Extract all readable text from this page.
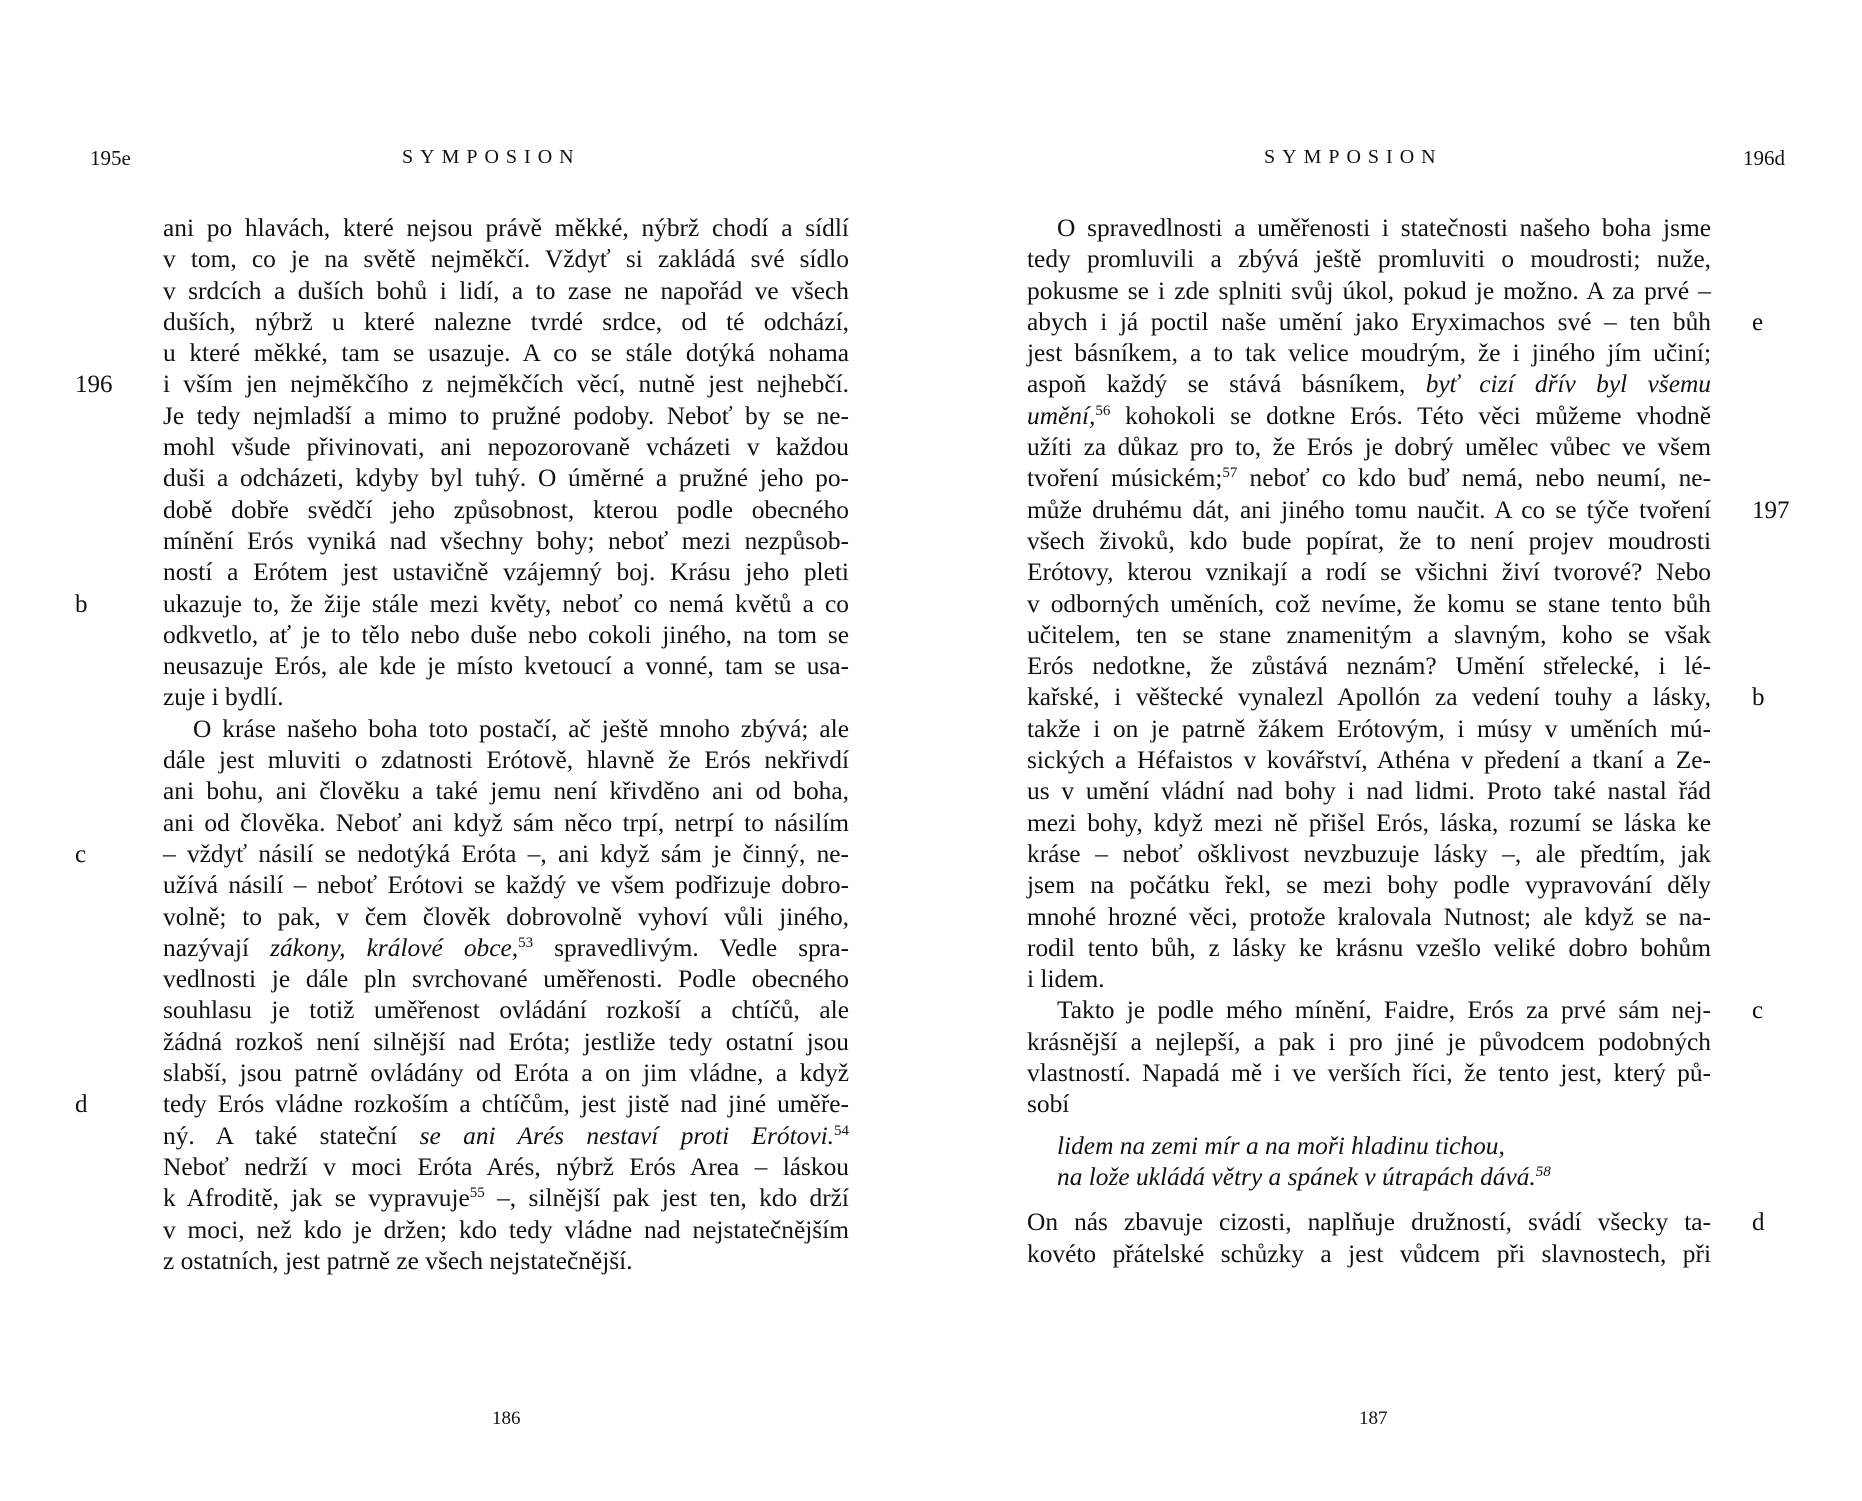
195e	SYMPOSION
ani po hlavách, které nejsou právě měkké, nýbrž chodí a sídlí
v tom, co je na světě nejměkčí. Vždyť si zakládá své sídlo
v srdcích a duších bohů i lidí, a to zase ne napořád ve všech
duších, nýbrž u které nalezne tvrdé srdce, od té odchází,
u které měkké, tam se usazuje. A co se stále dotýká nohama
196 i vším jen nejměkčího z nejměkčích věcí, nutně jest nejhebčí.
Je tedy nejmladší a mimo to pružné podoby. Neboť by se ne-
mohl všude přivinovati, ani nepozorovaně vcházeti v každou
duši a odcházeti, kdyby byl tuhý. O úměrné a pružné jeho po-
době dobře svědčí jeho způsobnost, kterou podle obecného
mínění Erós vyniká nad všechny bohy; neboť mezi nezpůsob-
ností a Erótem jest ustavičně vzájemný boj. Krásu jeho pleti
b	ukazuje to, že žije stále mezi květy, neboť co nemá květů a co
odkvetlo, ať je to tělo nebo duše nebo cokoli jiného, na tom se
neusazuje Erós, ale kde je místo kvetoucí a vonné, tam se usa-
zuje i bydlí.
O kráse našeho boha toto postačí, ač ještě mnoho zbývá; ale
dále jest mluviti o zdatnosti Erótově, hlavně že Erós nekřivdí
ani bohu, ani člověku a také jemu není křivděno ani od boha,
ani od člověka. Neboť ani když sám něco trpí, netrpí to násilím
c	– vždyť násilí se nedotýká Eróta –, ani když sám je činný, ne-
užívá násilí – neboť Erótovi se každý ve všem podřizuje dobro-
volně; to pak, v čem člověk dobrovolně vyhoví vůli jiného,
nazývají zákony, králové obce,$^{53}$ spravedlivým. Vedle spra-
vedlnosti je dále pln svrchované uměřenosti. Podle obecného
souhlasu je totiž uměřenost ovládání rozkoší a chtíčů, ale
žádná rozkoš není silnější nad Eróta; jestliže tedy ostatní jsou
slabší, jsou patrně ovládány od Eróta a on jim vládne, a když
d	tedy Erós vládne rozkoším a chtíčům, jest jistě nad jiné uměře-
ný. A také stateční se ani Arés nestaví proti Erótovi.$^{54}$
Neboť nedrží v moci Eróta Arés, nýbrž Erós Area – láskou
k Afroditě, jak se vypravuje$^{55}$ –, silnější pak jest ten, kdo drží
v moci, než kdo je držen; kdo tedy vládne nad nejstatečnějším
z ostatních, jest patrně ze všech nejstatečnější.
186
SYMPOSION	196d
O spravedlnosti a uměřenosti i statečnosti našeho boha jsme
tedy promluvili a zbývá ještě promluviti o moudrosti; nuže,
pokusme se i zde splniti svůj úkol, pokud je možno. A za prvé –
e
abych i já poctil naše umění jako Eryximachos své – ten bůh
jest básníkem, a to tak velice moudrým, že i jiného jím učiní;
aspoň každý se stává básníkem, byť cizí dřív byl všemu
umění,$^{56}$ kohokoli se dotkne Erós. Této věci můžeme vhodně
užíti za důkaz pro to, že Erós je dobrý umělec vůbec ve všem
tvoření músickém;$^{57}$ neboť co kdo buď nemá, nebo neumí, ne-
197
může druhému dát, ani jiného tomu naučit. A co se týče tvoření
všech živoků, kdo bude popírat, že to není projev moudrosti
Erótovy, kterou vznikají a rodí se všichni živí tvorové? Nebo
v odborných uměních, což nevíme, že komu se stane tento bůh
učitelem, ten se stane znamenitým a slavným, koho se však
Erós nedotkne, že zůstává neznám? Umění střelecké, i lé-
b
kařské, i věštecké vynalezl Apollón za vedení touhy a lásky,
takže i on je patrně žákem Erótovým, i músy v uměních mú-
sických a Héfaistos v kovářství, Athéna v předení a tkaní a Ze-
us v umění vládní nad bohy i nad lidmi. Proto také nastal řád
mezi bohy, když mezi ně přišel Erós, láska, rozumí se láska ke
kráse – neboť ošklivost nevzbuzuje lásky –, ale předtím, jak
jsem na počátku řekl, se mezi bohy podle vypravování děly
mnohé hrozné věci, protože kralovala Nutnost; ale když se na-
rodil tento bůh, z lásky ke krásnu vzešlo veliké dobro bohům
i lidem.
c
Takto je podle mého mínění, Faidre, Erós za prvé sám nej-
krásnější a nejlepší, a pak i pro jiné je původcem podobných
vlastností. Napadá mě i ve verších říci, že tento jest, který pů-
sobí
lidem na zemi mír a na moři hladinu tichou,
na lože ukládá větry a spánek v útrapách dává.$^{58}$
d
On nás zbavuje cizosti, naplňuje družností, svádí všecky ta-
kovéto přátelské schůzky a jest vůdcem při slavnostech, při
187
